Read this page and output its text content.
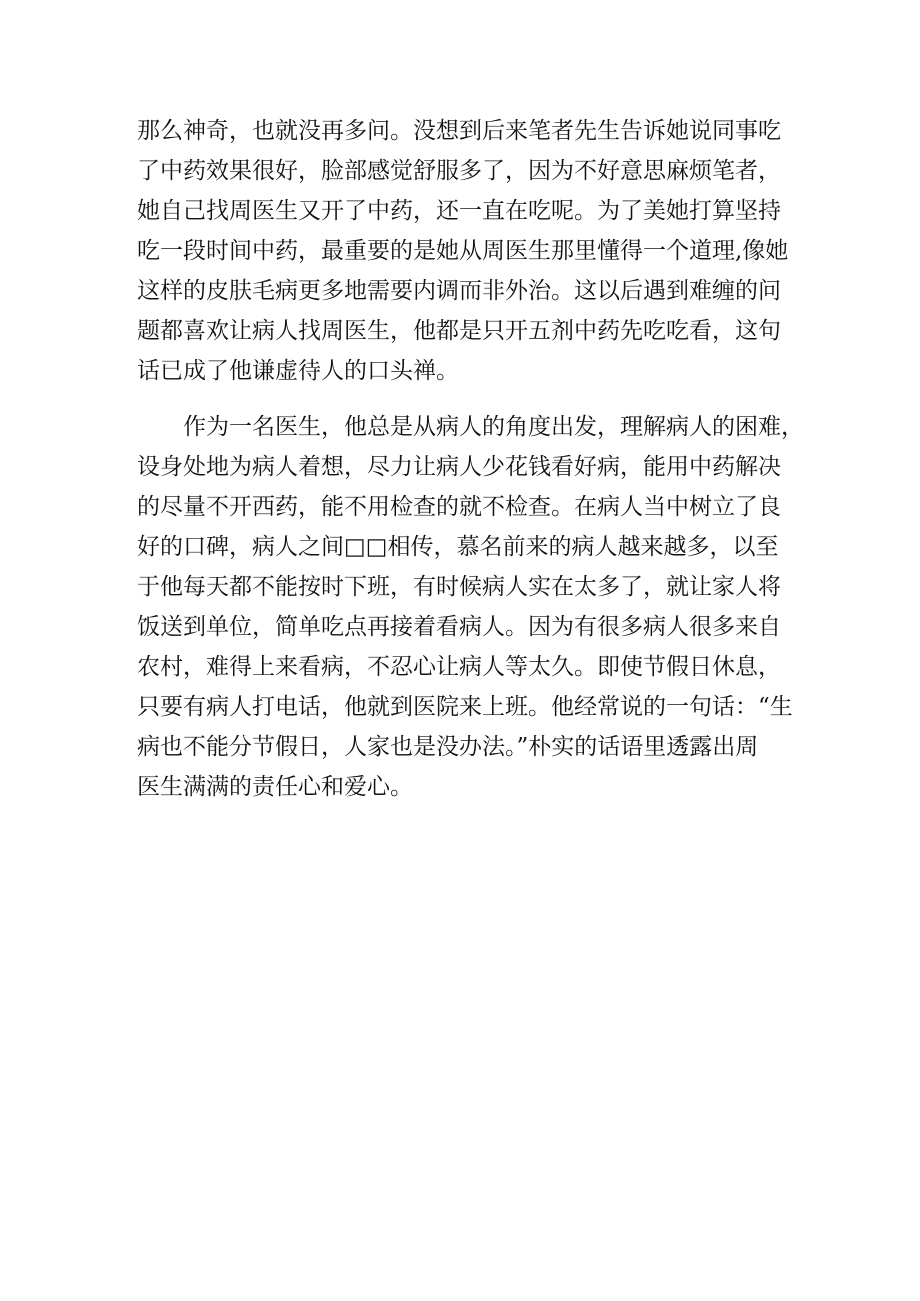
那么神奇，也就没再多问。没想到后来笔者先生告诉她说同事吃
了中药效果很好，脸部感觉舒服多了，因为不好意思麻烦笔者，
她自己找周医生又开了中药，还一直在吃呢。为了美她打算坚持
吃一段时间中药，最重要的是她从周医生那里懂得一个道理,像她
这样的皮肤毛病更多地需要内调而非外治。这以后遇到难缠的问
题都喜欢让病人找周医生，他都是只开五剂中药先吃吃看，这句
话已成了他谦虚待人的口头禅。
　　作为一名医生，他总是从病人的角度出发，理解病人的困难，
设身处地为病人着想，尽力让病人少花钱看好病，能用中药解决
的尽量不开西药，能不用检查的就不检查。在病人当中树立了良
好的口碑，病人之间□□相传，慕名前来的病人越来越多，以至
于他每天都不能按时下班，有时候病人实在太多了，就让家人将
饭送到单位，简单吃点再接着看病人。因为有很多病人很多来自
农村，难得上来看病，不忍心让病人等太久。即使节假日休息，
只要有病人打电话，他就到医院来上班。他经常说的一句话：“生
病也不能分节假日，人家也是没办法。”朴实的话语里透露出周
医生满满的责任心和爱心。
